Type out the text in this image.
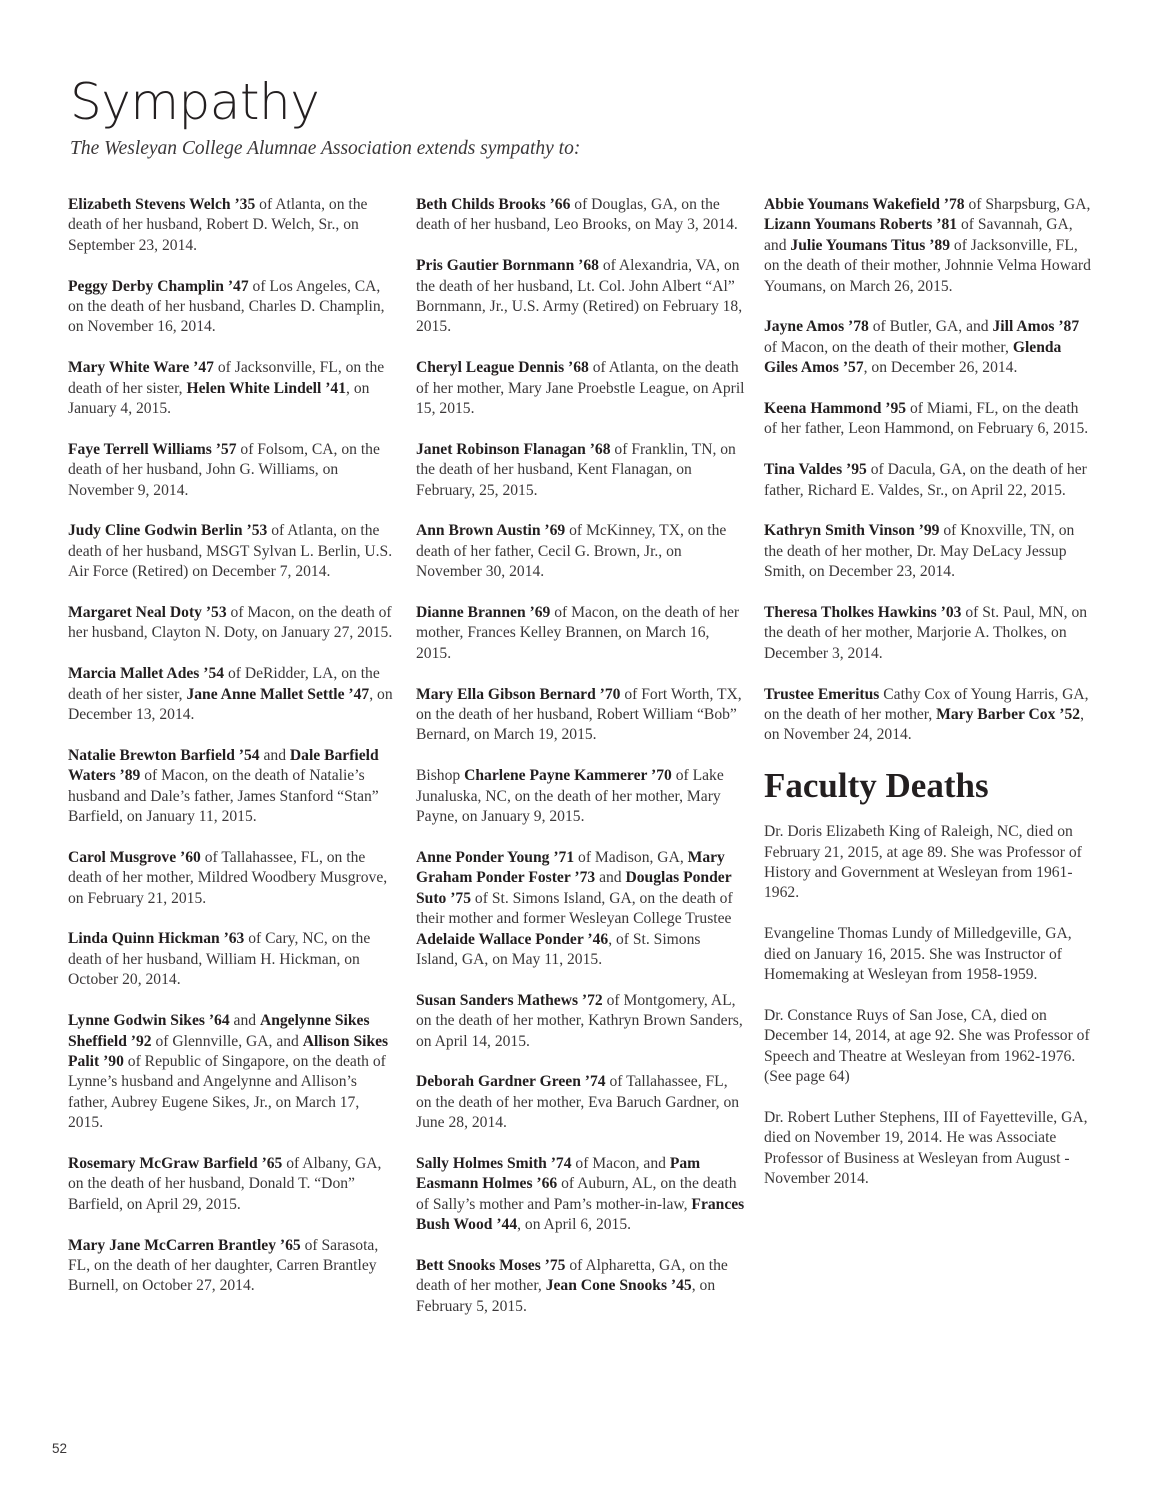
Sympathy

The Wesleyan College Alumnae Association extends sympathy to:

Elizabeth Stevens Welch ’35 of Atlanta, on the death of her husband, Robert D. Welch, Sr., on September 23, 2014.

Peggy Derby Champlin ’47 of Los Angeles, CA, on the death of her husband, Charles D. Champlin, on November 16, 2014.

Mary White Ware ’47 of Jacksonville, FL, on the death of her sister, Helen White Lindell ’41, on January 4, 2015.

Faye Terrell Williams ’57 of Folsom, CA, on the death of her husband, John G. Williams, on November 9, 2014.

Judy Cline Godwin Berlin ’53 of Atlanta, on the death of her husband, MSGT Sylvan L. Berlin, U.S. Air Force (Retired) on December 7, 2014.

Margaret Neal Doty ’53 of Macon, on the death of her husband, Clayton N. Doty, on January 27, 2015.

Marcia Mallet Ades ’54 of DeRidder, LA, on the death of her sister, Jane Anne Mallet Settle ’47, on December 13, 2014.

Natalie Brewton Barfield ’54 and Dale Barfield Waters ’89 of Macon, on the death of Natalie’s husband and Dale’s father, James Stanford “Stan” Barfield, on January 11, 2015.

Carol Musgrove ’60 of Tallahassee, FL, on the death of her mother, Mildred Woodbery Musgrove, on February 21, 2015.

Linda Quinn Hickman ’63 of Cary, NC, on the death of her husband, William H. Hickman, on October 20, 2014.

Lynne Godwin Sikes ’64 and Angelynne Sikes Sheffield ’92 of Glennville, GA, and Allison Sikes Palit ’90 of Republic of Singapore, on the death of Lynne’s husband and Angelynne and Allison’s father, Aubrey Eugene Sikes, Jr., on March 17, 2015.

Rosemary McGraw Barfield ’65 of Albany, GA, on the death of her husband, Donald T. “Don” Barfield, on April 29, 2015.

Mary Jane McCarren Brantley ’65 of Sarasota, FL, on the death of her daughter, Carren Brantley Burnell, on October 27, 2014.

Beth Childs Brooks ’66 of Douglas, GA, on the death of her husband, Leo Brooks, on May 3, 2014.

Pris Gautier Bornmann ’68 of Alexandria, VA, on the death of her husband, Lt. Col. John Albert “Al” Bornmann, Jr., U.S. Army (Retired) on February 18, 2015.

Cheryl League Dennis ’68 of Atlanta, on the death of her mother, Mary Jane Proebstle League, on April 15, 2015.

Janet Robinson Flanagan ’68 of Franklin, TN, on the death of her husband, Kent Flanagan, on February, 25, 2015.

Ann Brown Austin ’69 of McKinney, TX, on the death of her father, Cecil G. Brown, Jr., on November 30, 2014.

Dianne Brannen ’69 of Macon, on the death of her mother, Frances Kelley Brannen, on March 16, 2015.

Mary Ella Gibson Bernard ’70 of Fort Worth, TX, on the death of her husband, Robert William “Bob” Bernard, on March 19, 2015.

Bishop Charlene Payne Kammerer ’70 of Lake Junaluska, NC, on the death of her mother, Mary Payne, on January 9, 2015.

Anne Ponder Young ’71 of Madison, GA, Mary Graham Ponder Foster ’73 and Douglas Ponder Suto ’75 of St. Simons Island, GA, on the death of their mother and former Wesleyan College Trustee Adelaide Wallace Ponder ’46, of St. Simons Island, GA, on May 11, 2015.

Susan Sanders Mathews ’72 of Montgomery, AL, on the death of her mother, Kathryn Brown Sanders, on April 14, 2015.

Deborah Gardner Green ’74 of Tallahassee, FL, on the death of her mother, Eva Baruch Gardner, on June 28, 2014.

Sally Holmes Smith ’74 of Macon, and Pam Easmann Holmes ’66 of Auburn, AL, on the death of Sally’s mother and Pam’s mother-in-law, Frances Bush Wood ’44, on April 6, 2015.

Bett Snooks Moses ’75 of Alpharetta, GA, on the death of her mother, Jean Cone Snooks ’45, on February 5, 2015.

Abbie Youmans Wakefield ’78 of Sharpsburg, GA, Lizann Youmans Roberts ’81 of Savannah, GA, and Julie Youmans Titus ’89 of Jacksonville, FL, on the death of their mother, Johnnie Velma Howard Youmans, on March 26, 2015.

Jayne Amos ’78 of Butler, GA, and Jill Amos ’87 of Macon, on the death of their mother, Glenda Giles Amos ’57, on December 26, 2014.

Keena Hammond ’95 of Miami, FL, on the death of her father, Leon Hammond, on February 6, 2015.

Tina Valdes ’95 of Dacula, GA, on the death of her father, Richard E. Valdes, Sr., on April 22, 2015.

Kathryn Smith Vinson ’99 of Knoxville, TN, on the death of her mother, Dr. May DeLacy Jessup Smith, on December 23, 2014.

Theresa Tholkes Hawkins ’03 of St. Paul, MN, on the death of her mother, Marjorie A. Tholkes, on December 3, 2014.

Trustee Emeritus Cathy Cox of Young Harris, GA, on the death of her mother, Mary Barber Cox ’52, on November 24, 2014.

Faculty Deaths

Dr. Doris Elizabeth King of Raleigh, NC, died on February 21, 2015, at age 89. She was Professor of History and Government at Wesleyan from 1961-1962.

Evangeline Thomas Lundy of Milledgeville, GA, died on January 16, 2015. She was Instructor of Homemaking at Wesleyan from 1958-1959.

Dr. Constance Ruys of San Jose, CA, died on December 14, 2014, at age 92. She was Professor of Speech and Theatre at Wesleyan from 1962-1976. (See page 64)

Dr. Robert Luther Stephens, III of Fayetteville, GA, died on November 19, 2014. He was Associate Professor of Business at Wesleyan from August - November 2014.

52
